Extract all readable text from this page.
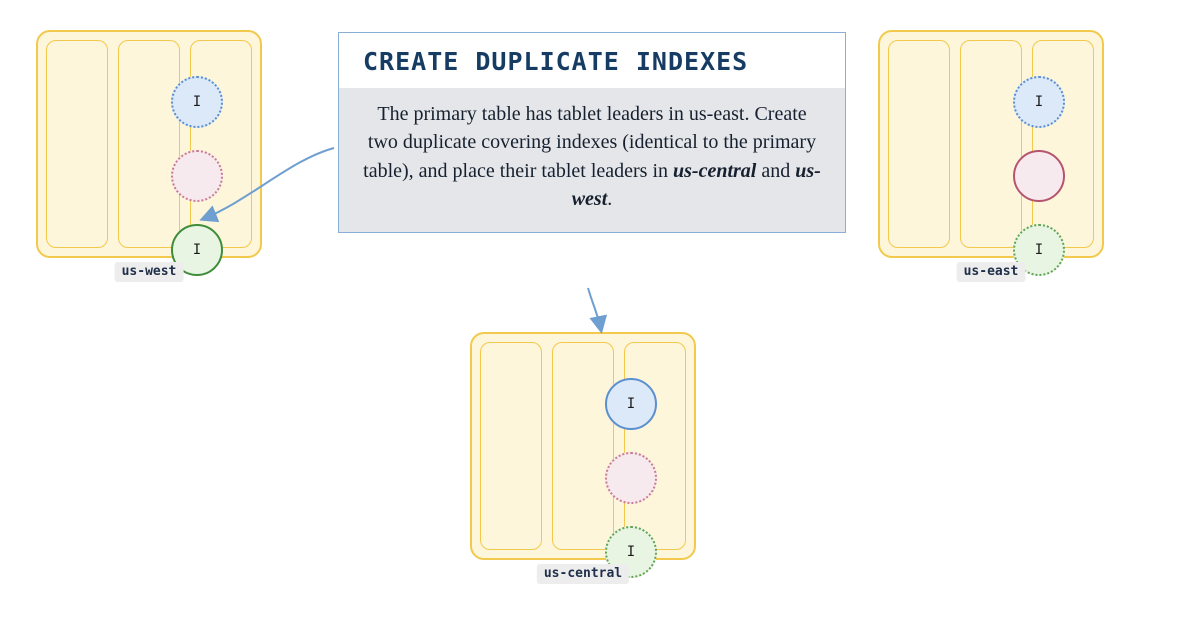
I
I
us-west
I
I
us-east
I
I
us-central
CREATE DUPLICATE INDEXES
The primary table has tablet leaders in us-east. Create two duplicate covering indexes (identical to the primary table), and place their tablet leaders in us-central and us-west.
